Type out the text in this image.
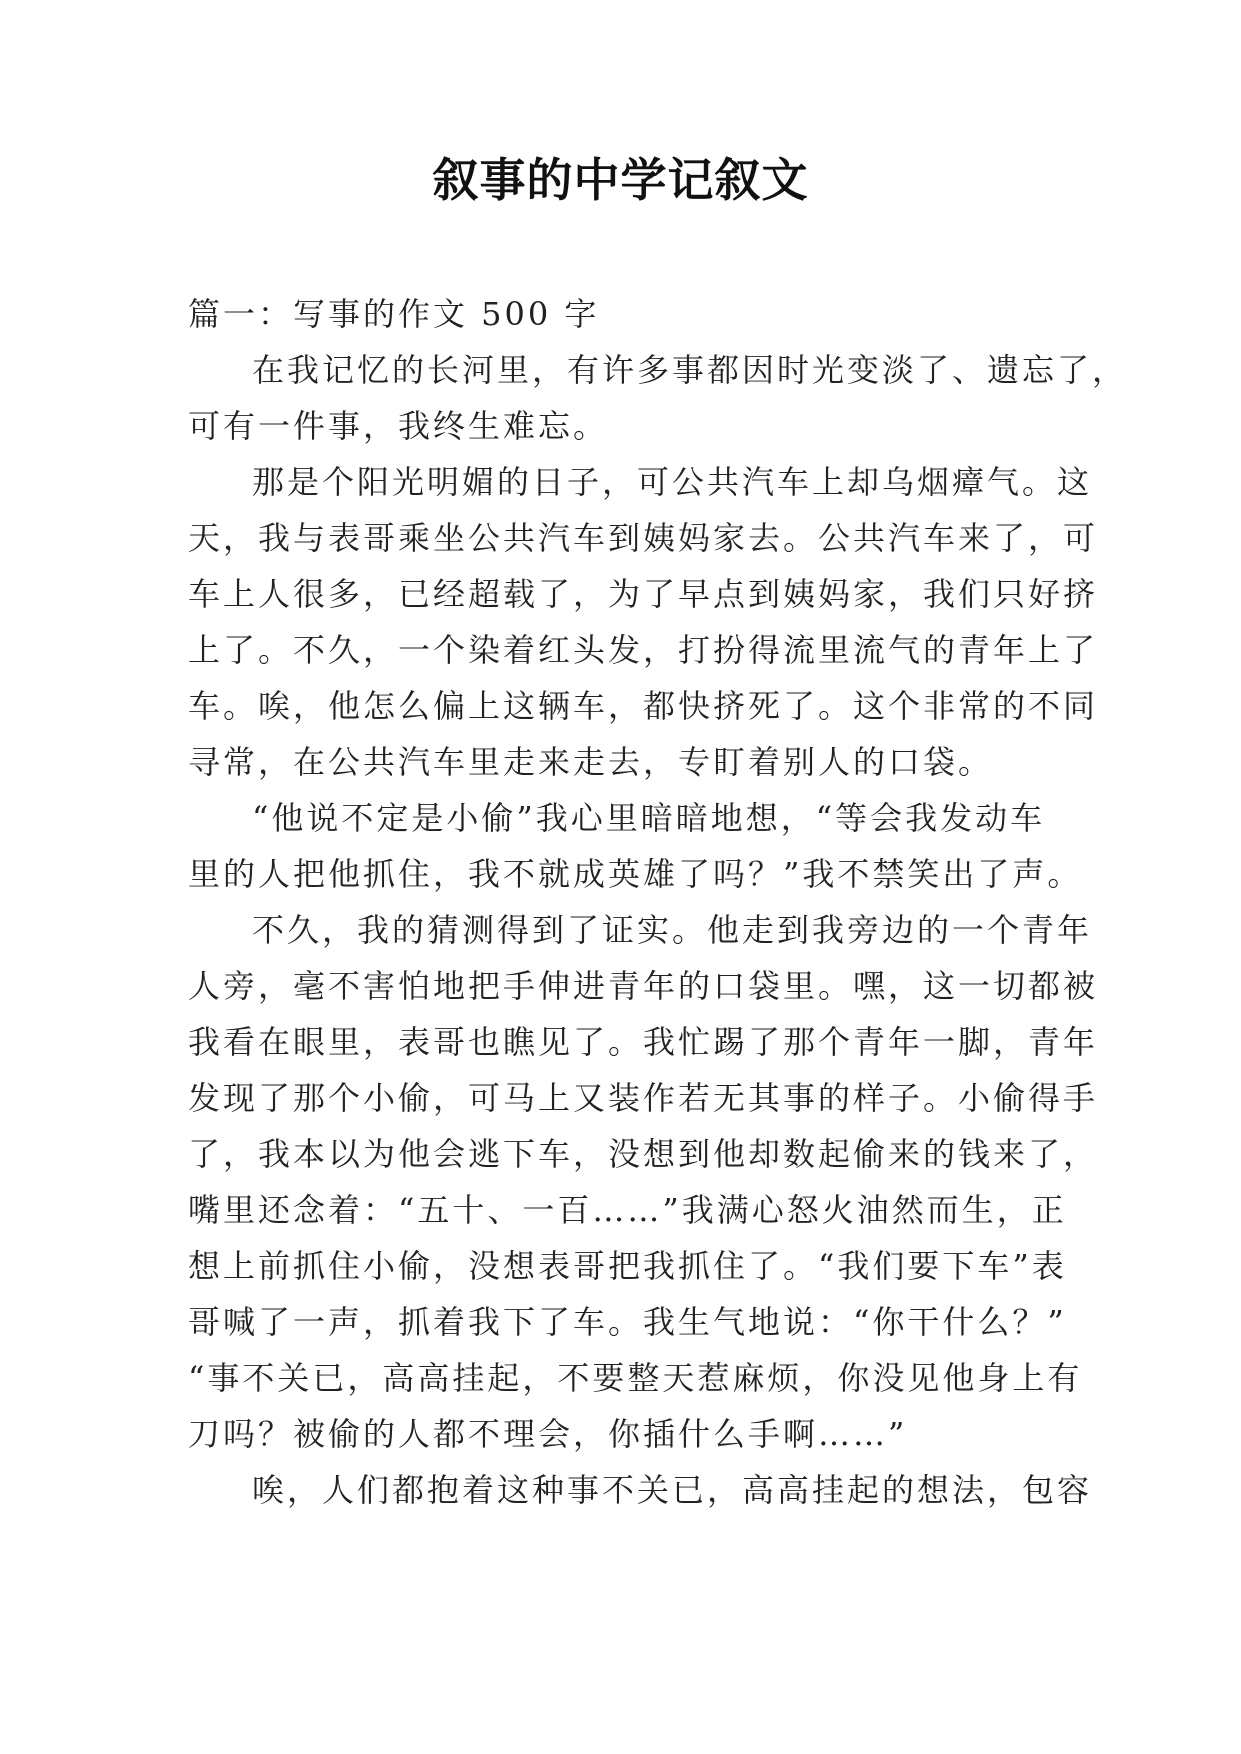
叙事的中学记叙文
篇一：写事的作文 500 字
在我记忆的长河里，有许多事都因时光变淡了、遗忘了，
可有一件事，我终生难忘。
那是个阳光明媚的日子，可公共汽车上却乌烟瘴气。这
天，我与表哥乘坐公共汽车到姨妈家去。公共汽车来了，可
车上人很多，已经超载了，为了早点到姨妈家，我们只好挤
上了。不久，一个染着红头发，打扮得流里流气的青年上了
车。唉，他怎么偏上这辆车，都快挤死了。这个非常的不同
寻常，在公共汽车里走来走去，专盯着别人的口袋。
“他说不定是小偷”我心里暗暗地想，“等会我发动车
里的人把他抓住，我不就成英雄了吗？”我不禁笑出了声。
不久，我的猜测得到了证实。他走到我旁边的一个青年
人旁，毫不害怕地把手伸进青年的口袋里。嘿，这一切都被
我看在眼里，表哥也瞧见了。我忙踢了那个青年一脚，青年
发现了那个小偷，可马上又装作若无其事的样子。小偷得手
了，我本以为他会逃下车，没想到他却数起偷来的钱来了，
嘴里还念着：“五十、一百……”我满心怒火油然而生，正
想上前抓住小偷，没想表哥把我抓住了。“我们要下车”表
哥喊了一声，抓着我下了车。我生气地说：“你干什么？”
“事不关已，高高挂起，不要整天惹麻烦，你没见他身上有
刀吗？被偷的人都不理会，你插什么手啊……”
唉，人们都抱着这种事不关已，高高挂起的想法，包容
